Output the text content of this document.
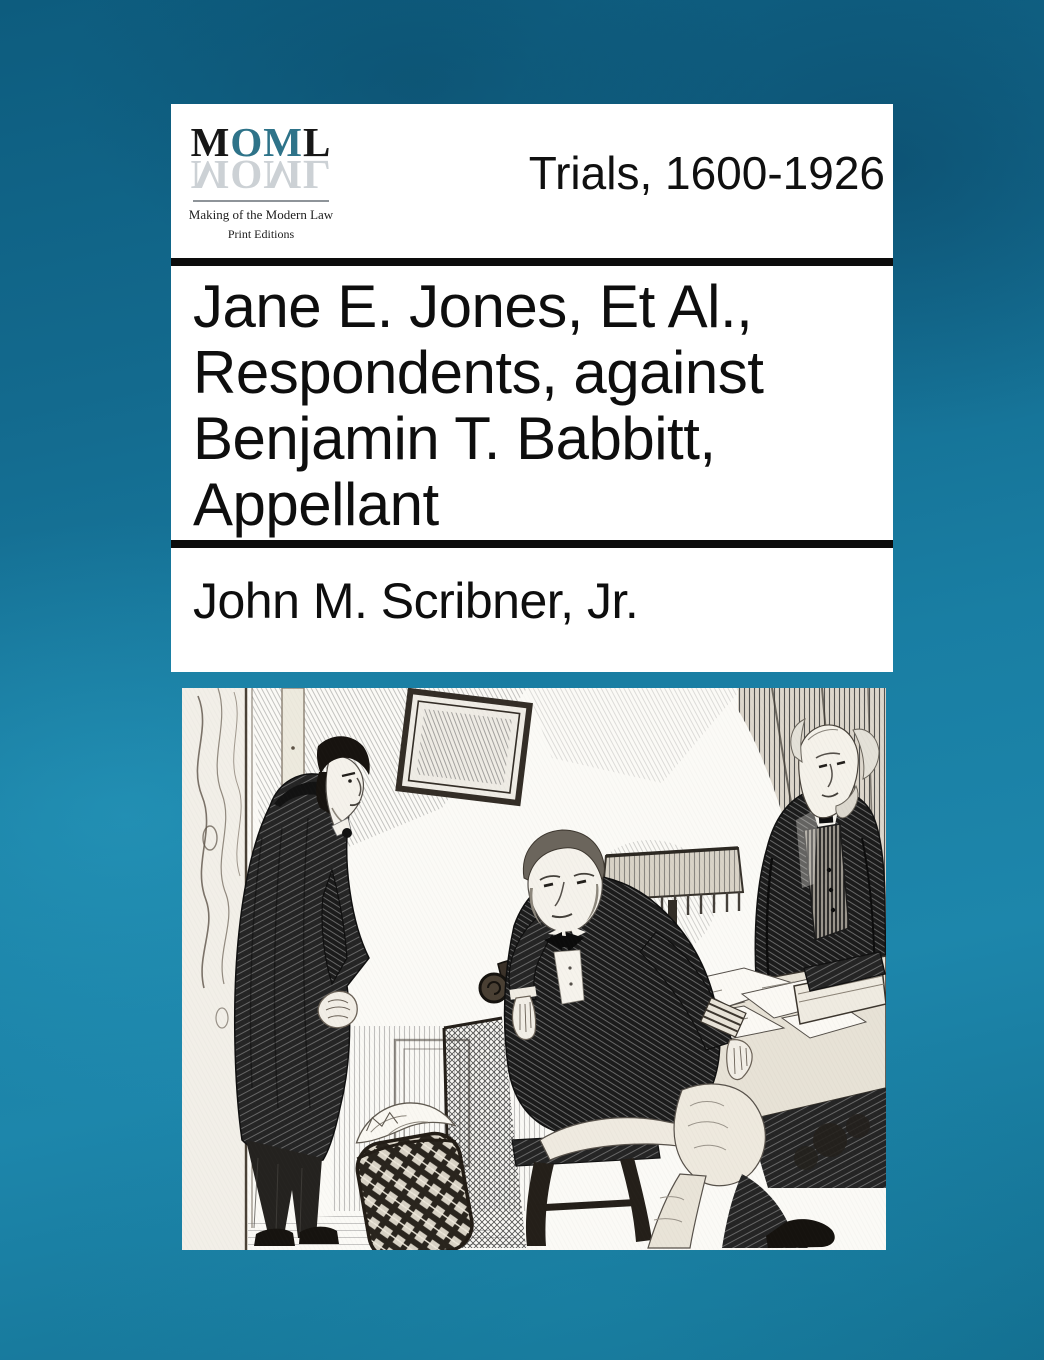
MOML
MOML
Making of the Modern Law
Print Editions
Trials, 1600-1926
Jane E. Jones, Et Al., Respondents, against Benjamin T. Babbitt, Appellant
John M. Scribner, Jr.
